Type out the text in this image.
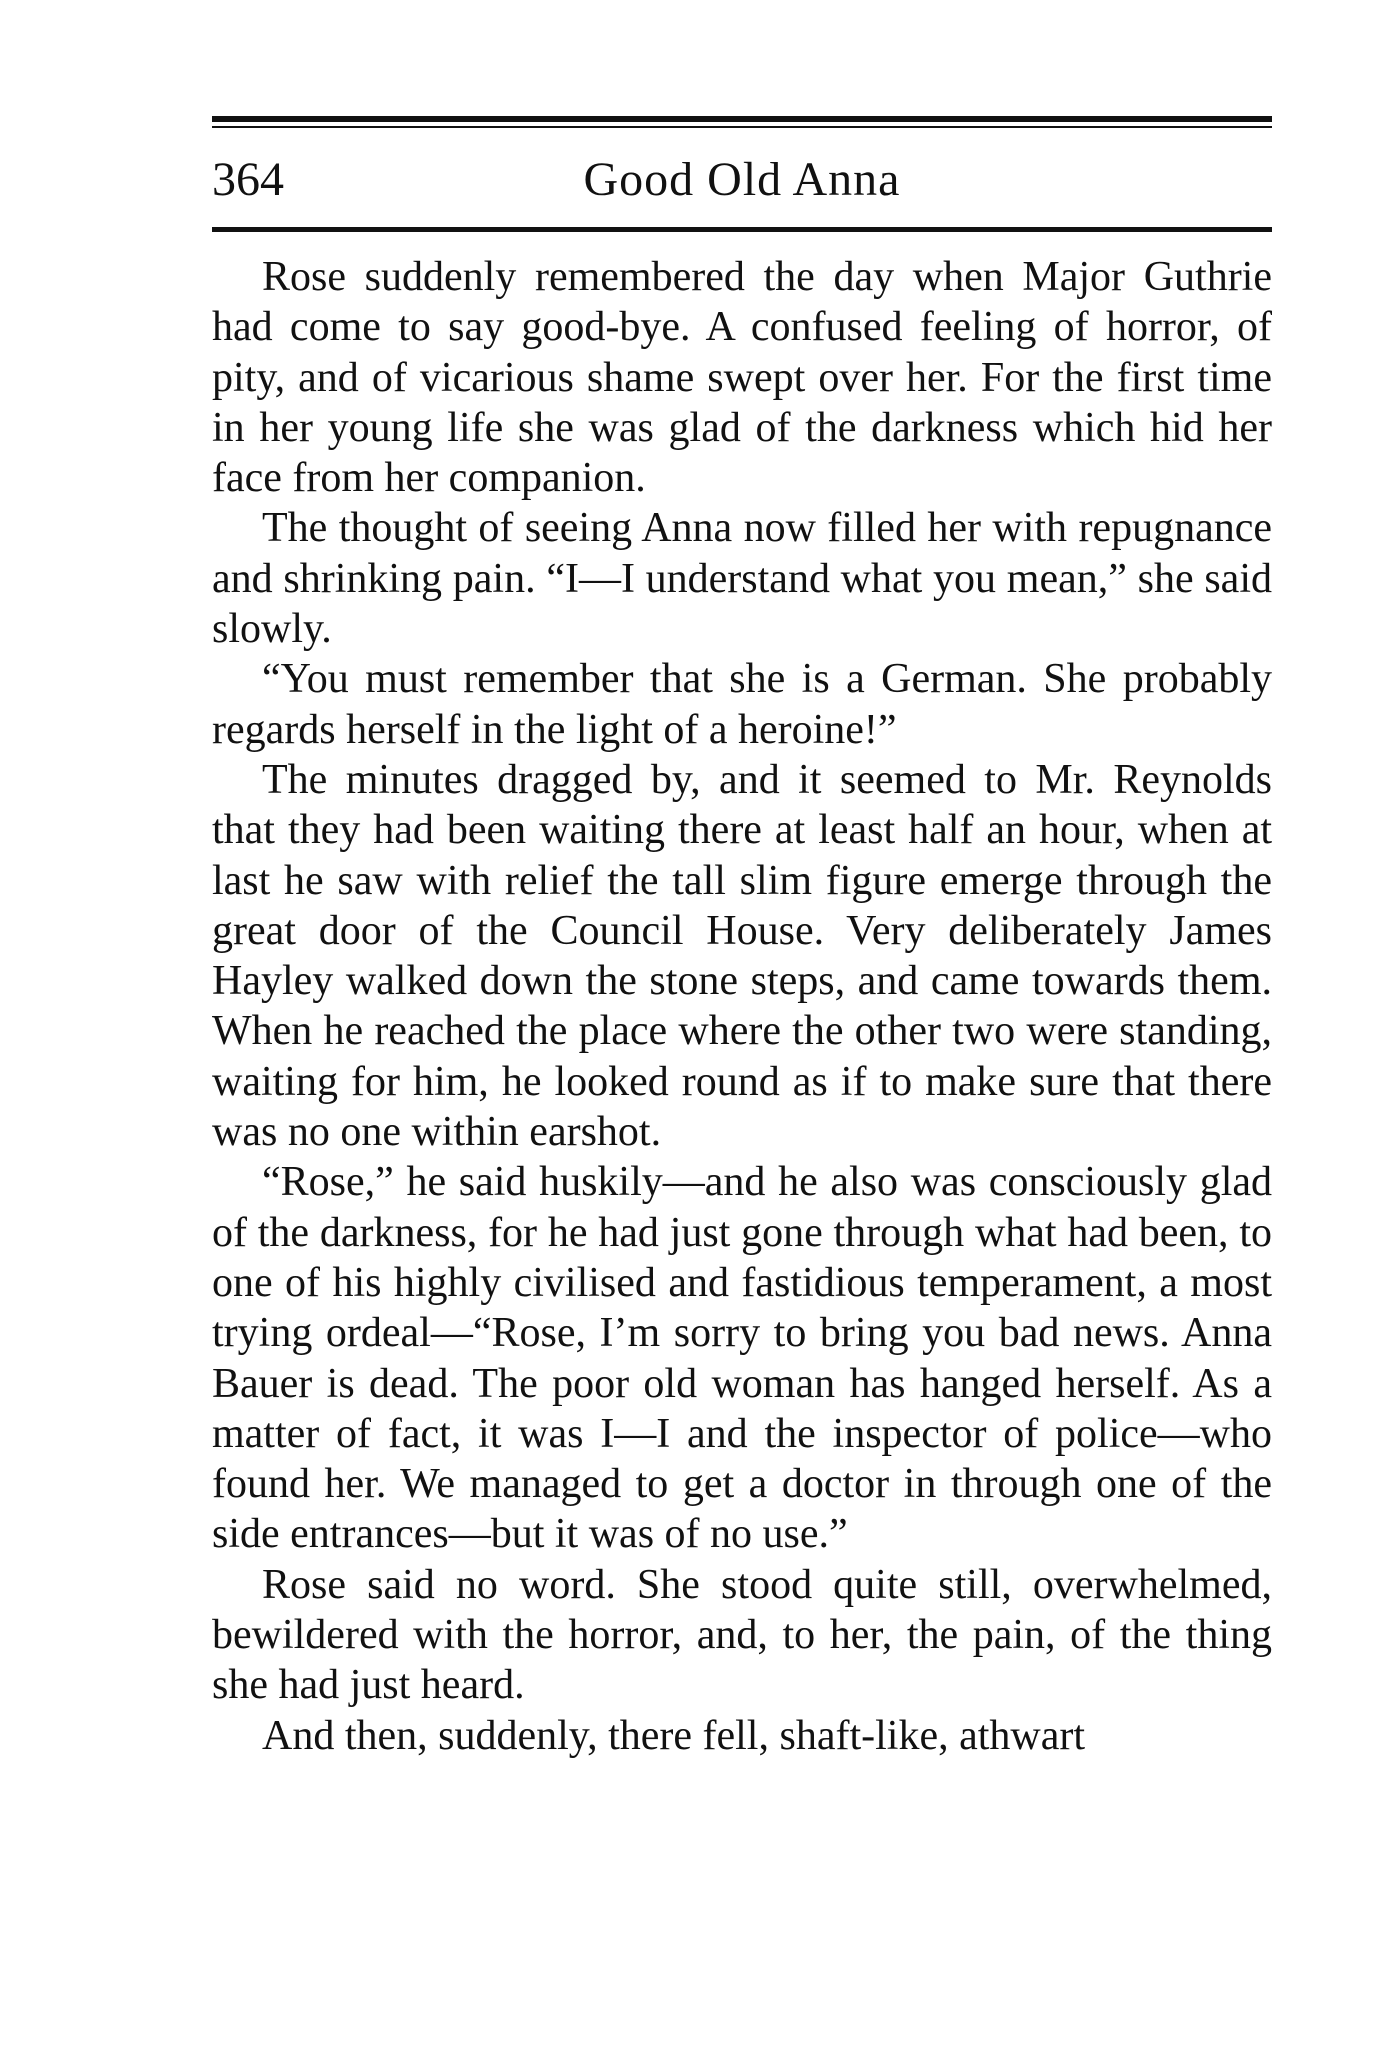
364	Good Old Anna

Rose suddenly remembered the day when Major Guthrie had come to say good-bye. A confused feeling of horror, of pity, and of vicarious shame swept over her. For the first time in her young life she was glad of the darkness which hid her face from her companion.

The thought of seeing Anna now filled her with repugnance and shrinking pain. “I—I understand what you mean,” she said slowly.

“You must remember that she is a German. She probably regards herself in the light of a heroine!”

The minutes dragged by, and it seemed to Mr. Reynolds that they had been waiting there at least half an hour, when at last he saw with relief the tall slim figure emerge through the great door of the Council House. Very deliberately James Hayley walked down the stone steps, and came towards them. When he reached the place where the other two were standing, waiting for him, he looked round as if to make sure that there was no one within earshot.

“Rose,” he said huskily—and he also was consciously glad of the darkness, for he had just gone through what had been, to one of his highly civilised and fastidious temperament, a most trying ordeal—“Rose, I’m sorry to bring you bad news. Anna Bauer is dead. The poor old woman has hanged herself. As a matter of fact, it was I—I and the inspector of police—who found her. We managed to get a doctor in through one of the side entrances—but it was of no use.”

Rose said no word. She stood quite still, overwhelmed, bewildered with the horror, and, to her, the pain, of the thing she had just heard.

And then, suddenly, there fell, shaft-like, athwart
